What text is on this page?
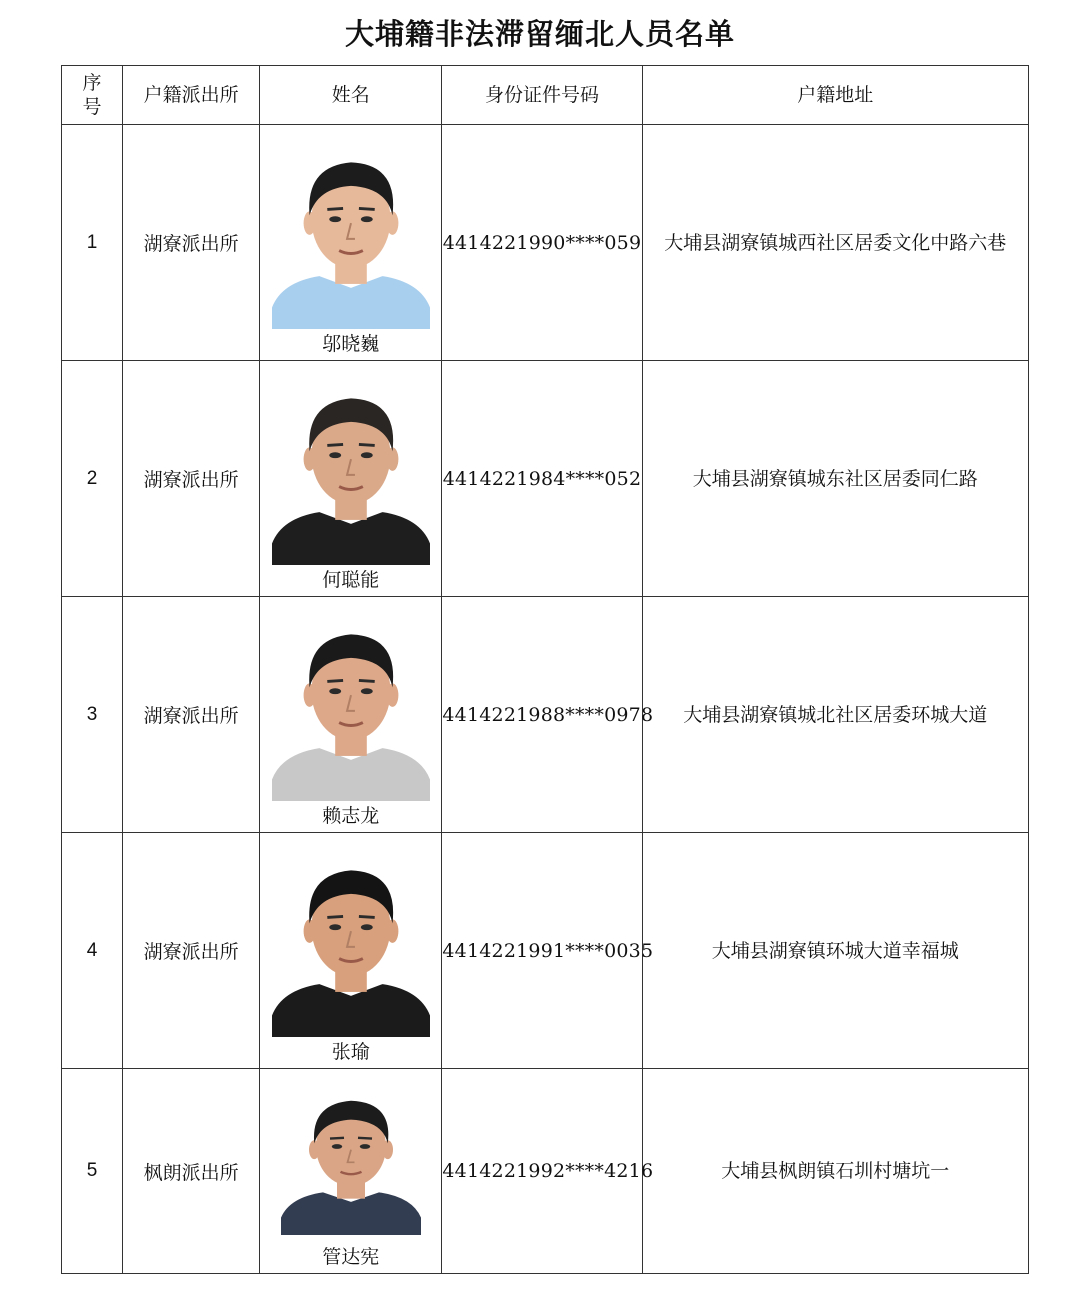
大埔籍非法滞留缅北人员名单
序号	户籍派出所	姓名	身份证件号码	户籍地址
1	湖寮派出所	邬晓巍	4414221990****059	大埔县湖寮镇城西社区居委文化中路六巷
2	湖寮派出所	何聪能	4414221984****052	大埔县湖寮镇城东社区居委同仁路
3	湖寮派出所	赖志龙	4414221988****0978	大埔县湖寮镇城北社区居委环城大道
4	湖寮派出所	张瑜	4414221991****0035	大埔县湖寮镇环城大道幸福城
5	枫朗派出所	管达宪	4414221992****4216	大埔县枫朗镇石圳村塘坑一
